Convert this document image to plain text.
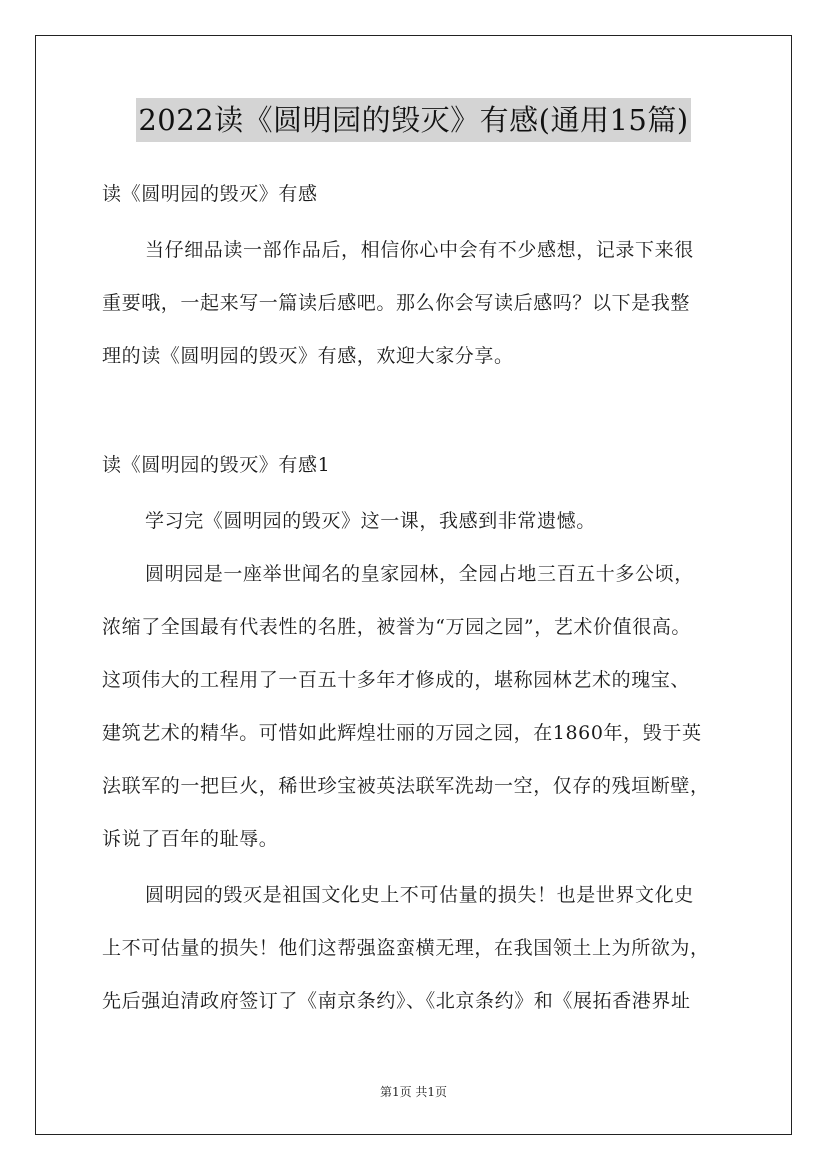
2022读《圆明园的毁灭》有感(通用15篇)
读《圆明园的毁灭》有感
当仔细品读一部作品后，相信你心中会有不少感想，记录下来很
重要哦，一起来写一篇读后感吧。那么你会写读后感吗？以下是我整
理的读《圆明园的毁灭》有感，欢迎大家分享。
读《圆明园的毁灭》有感1
学习完《圆明园的毁灭》这一课，我感到非常遗憾。
圆明园是一座举世闻名的皇家园林，全园占地三百五十多公顷，
浓缩了全国最有代表性的名胜，被誉为“万园之园”，艺术价值很高。
这项伟大的工程用了一百五十多年才修成的，堪称园林艺术的瑰宝、
建筑艺术的精华。可惜如此辉煌壮丽的万园之园，在1860年，毁于英
法联军的一把巨火，稀世珍宝被英法联军洗劫一空，仅存的残垣断壁，
诉说了百年的耻辱。
圆明园的毁灭是祖国文化史上不可估量的损失！也是世界文化史
上不可估量的损失！他们这帮强盗蛮横无理，在我国领土上为所欲为，
先后强迫清政府签订了《南京条约》、《北京条约》和《展拓香港界址
第1页 共1页
